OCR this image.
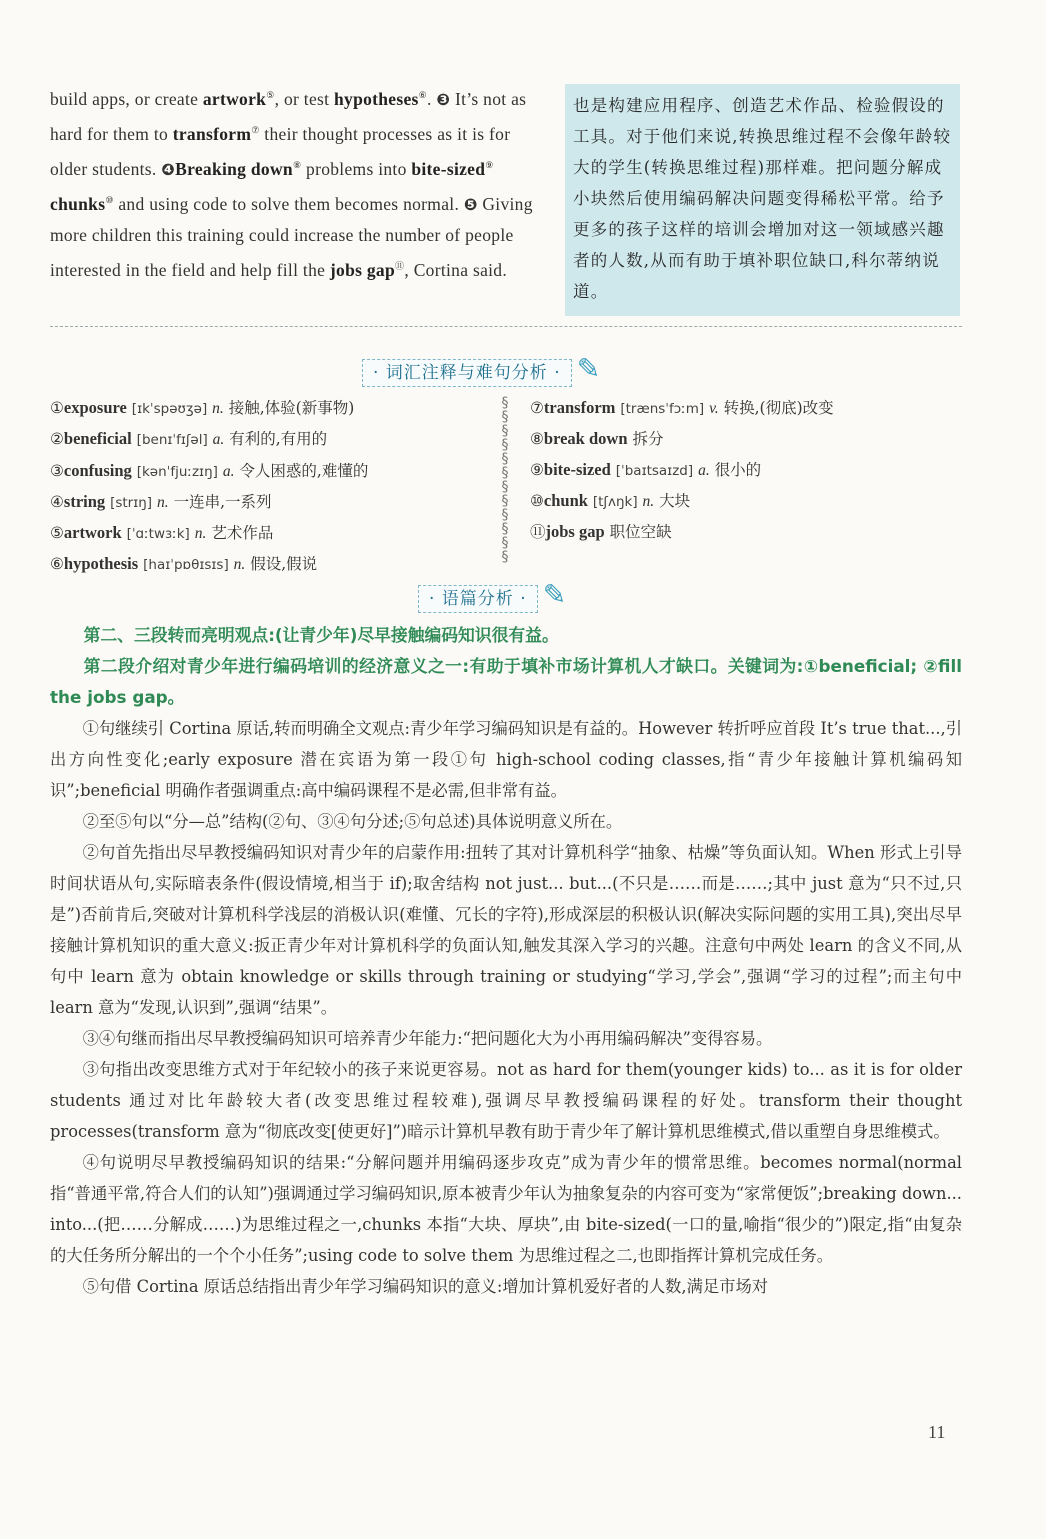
build apps, or create artwork⑤, or test hypotheses⑥. ❸ It’s not as hard for them to transform⑦ their thought processes as it is for older students. ❹Breaking down⑧ problems into bite-sized⑨ chunks⑩ and using code to solve them becomes normal. ❺ Giving more children this training could increase the number of people interested in the field and help fill the jobs gap⑪, Cortina said.
也是构建应用程序、创造艺术作品、检验假设的工具。对于他们来说,转换思维过程不会像年龄较大的学生(转换思维过程)那样难。把问题分解成小块然后使用编码解决问题变得稀松平常。给予更多的孩子这样的培训会增加对这一领域感兴趣者的人数,从而有助于填补职位缺口,科尔蒂纳说道。
· 词汇注释与难句分析 · ✎
①exposure [ɪkˈspəʊʒə] n. 接触,体验(新事物)
②beneficial [benɪˈfɪʃəl] a. 有利的,有用的
③confusing [kənˈfjuːzɪŋ] a. 令人困惑的,难懂的
④string [strɪŋ] n. 一连串,一系列
⑤artwork [ˈɑːtwɜːk] n. 艺术作品
⑥hypothesis [haɪˈpɒθɪsɪs] n. 假设,假说
§
§
§
§
§
§
§
§
§
§
§
§
⑦transform [trænsˈfɔːm] v. 转换,(彻底)改变
⑧break down 拆分
⑨bite-sized [ˈbaɪtsaɪzd] a. 很小的
⑩chunk [tʃʌŋk] n. 大块
⑪jobs gap 职位空缺
· 语篇分析 · ✎

第二、三段转而亮明观点:(让青少年)尽早接触编码知识很有益。

第二段介绍对青少年进行编码培训的经济意义之一:有助于填补市场计算机人才缺口。关键词为:①beneficial; ②fill the jobs gap。

①句继续引 Cortina 原话,转而明确全文观点:青少年学习编码知识是有益的。However 转折呼应首段 It’s true that...,引出方向性变化;early exposure 潜在宾语为第一段①句 high-school coding classes,指“青少年接触计算机编码知识”;beneficial 明确作者强调重点:高中编码课程不是必需,但非常有益。

②至⑤句以“分—总”结构(②句、③④句分述;⑤句总述)具体说明意义所在。

②句首先指出尽早教授编码知识对青少年的启蒙作用:扭转了其对计算机科学“抽象、枯燥”等负面认知。When 形式上引导时间状语从句,实际暗表条件(假设情境,相当于 if);取舍结构 not just... but...(不只是……而是……;其中 just 意为“只不过,只是”)否前肯后,突破对计算机科学浅层的消极认识(难懂、冗长的字符),形成深层的积极认识(解决实际问题的实用工具),突出尽早接触计算机知识的重大意义:扳正青少年对计算机科学的负面认知,触发其深入学习的兴趣。注意句中两处 learn 的含义不同,从句中 learn 意为 obtain knowledge or skills through training or studying“学习,学会”,强调“学习的过程”;而主句中 learn 意为“发现,认识到”,强调“结果”。

③④句继而指出尽早教授编码知识可培养青少年能力:“把问题化大为小再用编码解决”变得容易。

③句指出改变思维方式对于年纪较小的孩子来说更容易。not as hard for them(younger kids) to... as it is for older students 通过对比年龄较大者(改变思维过程较难),强调尽早教授编码课程的好处。transform their thought processes(transform 意为“彻底改变[使更好]”)暗示计算机早教有助于青少年了解计算机思维模式,借以重塑自身思维模式。

④句说明尽早教授编码知识的结果:“分解问题并用编码逐步攻克”成为青少年的惯常思维。becomes normal(normal 指“普通平常,符合人们的认知”)强调通过学习编码知识,原本被青少年认为抽象复杂的内容可变为“家常便饭”;breaking down... into...(把……分解成……)为思维过程之一,chunks 本指“大块、厚块”,由 bite-sized(一口的量,喻指“很少的”)限定,指“由复杂的大任务所分解出的一个个小任务”;using code to solve them 为思维过程之二,也即指挥计算机完成任务。

⑤句借 Cortina 原话总结指出青少年学习编码知识的意义:增加计算机爱好者的人数,满足市场对

11
